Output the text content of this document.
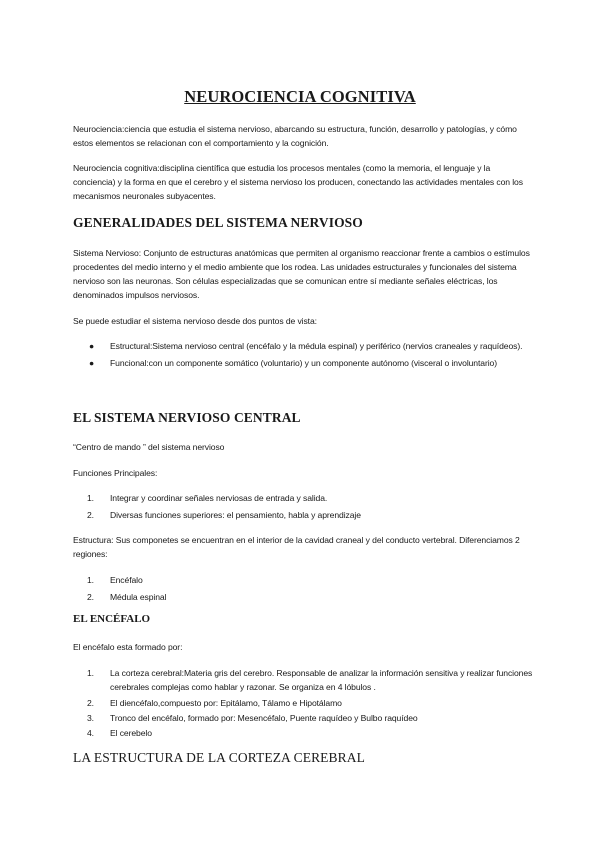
NEUROCIENCIA COGNITIVA

Neurociencia:ciencia que estudia el sistema nervioso, abarcando su estructura, función, desarrollo y patologías, y cómo estos elementos se relacionan con el comportamiento y la cognición.

Neurociencia cognitiva:disciplina científica que estudia los procesos mentales (como la memoria, el lenguaje y la conciencia) y la forma en que el cerebro y el sistema nervioso los producen, conectando las actividades mentales con los mecanismos neuronales subyacentes.

GENERALIDADES DEL SISTEMA NERVIOSO

Sistema Nervioso: Conjunto de estructuras anatómicas que permiten al organismo reaccionar frente a cambios o estímulos procedentes del medio interno y el medio ambiente que los rodea. Las unidades estructurales y funcionales del sistema nervioso son las neuronas. Son células especializadas que se comunican entre sí mediante señales eléctricas, los denominados impulsos nerviosos.

Se puede estudiar el sistema nervioso desde dos puntos de vista:

● Estructural:Sistema nervioso central (encéfalo y la médula espinal) y periférico (nervios craneales y raquídeos).
● Funcional:con un componente somático (voluntario) y un componente autónomo (visceral o involuntario)
EL SISTEMA NERVIOSO CENTRAL

“Centro de mando ” del sistema nervioso

Funciones Principales:

1. Integrar y coordinar señales nerviosas de entrada y salida.
2. Diversas funciones superiores: el pensamiento, habla y aprendizaje

Estructura: Sus componetes se encuentran en el interior de la cavidad craneal y del conducto vertebral. Diferenciamos 2 regiones:

1. Encéfalo
2. Médula espinal
EL ENCÉFALO

El encéfalo esta formado por:

1. La corteza cerebral:Materia gris del cerebro. Responsable de analizar la información sensitiva y realizar funciones cerebrales complejas como hablar y razonar. Se organiza en 4 lóbulos .
2. El diencéfalo,compuesto por: Epitálamo, Tálamo e Hipotálamo
3. Tronco del encéfalo, formado por: Mesencéfalo, Puente raquídeo y Bulbo raquídeo
4. El cerebelo
LA ESTRUCTURA DE LA CORTEZA CEREBRAL
